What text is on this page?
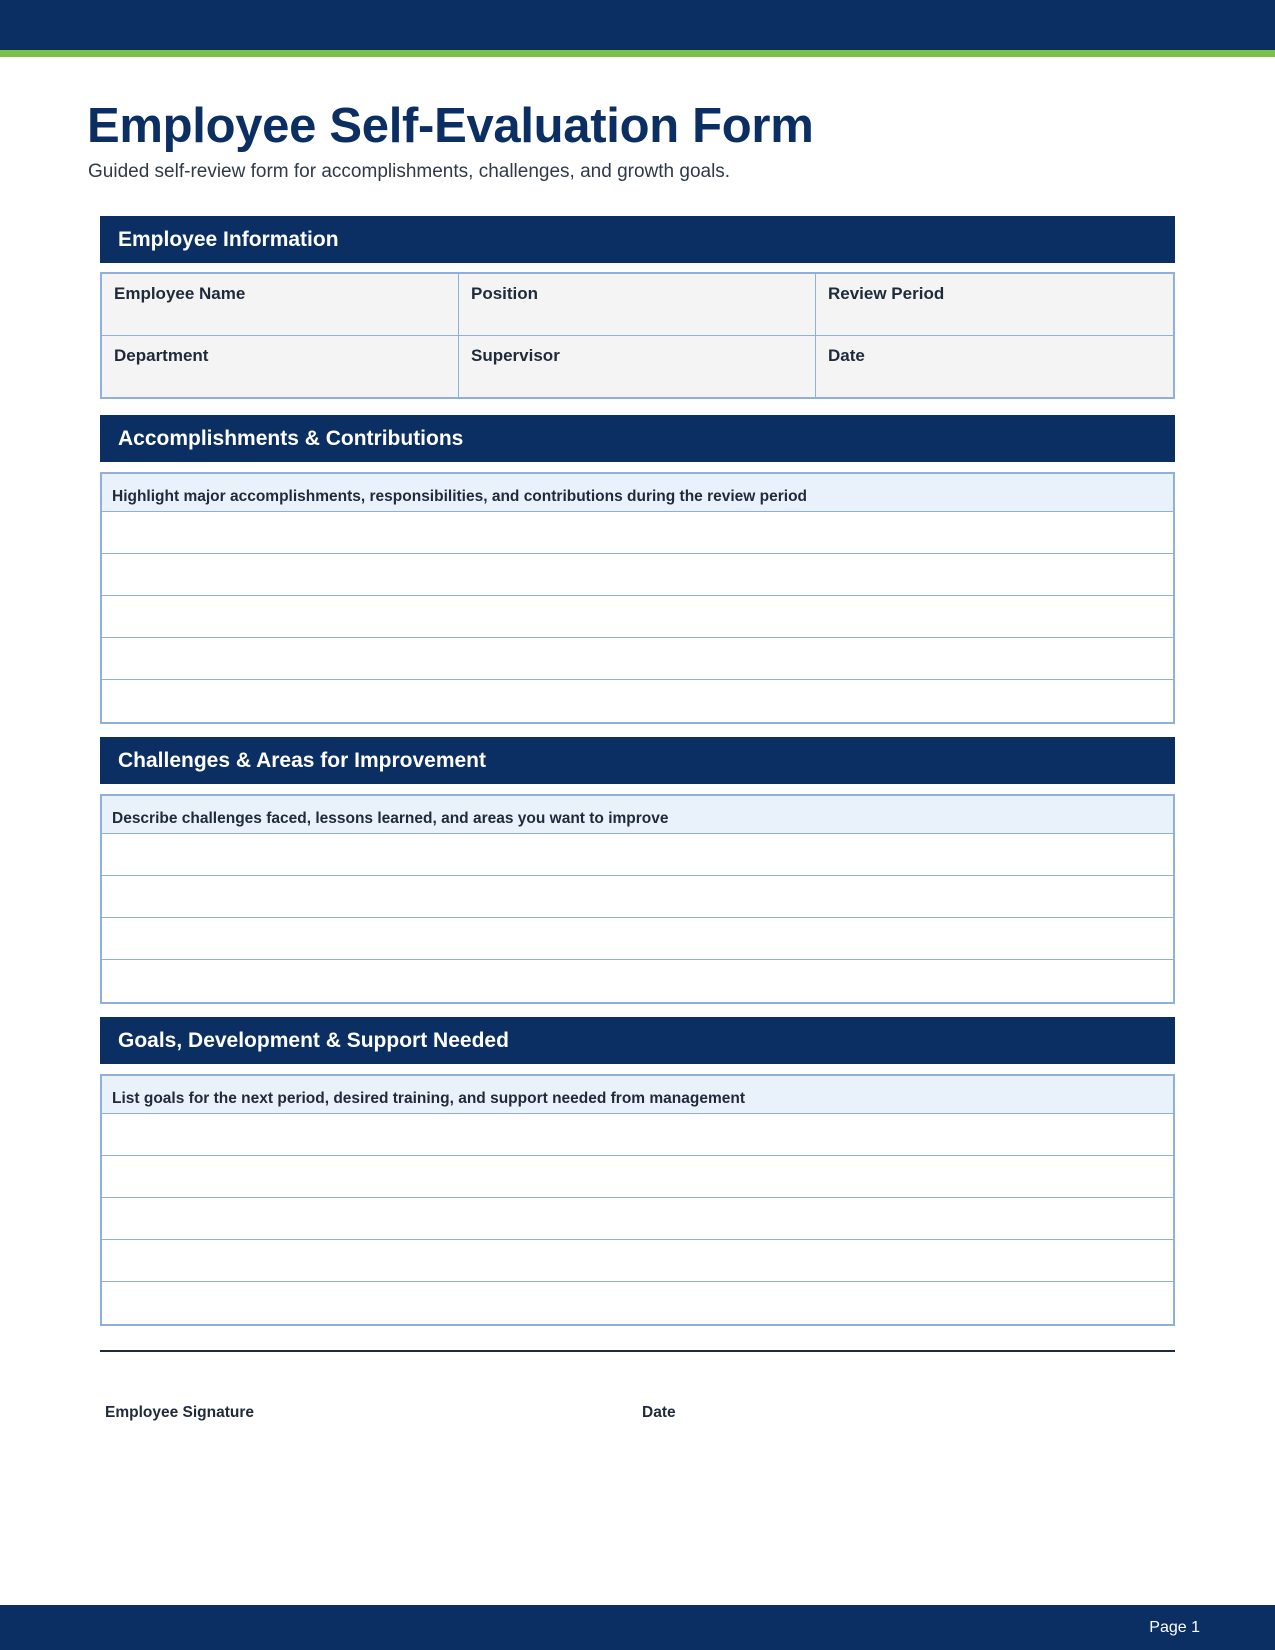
Employee Self-Evaluation Form

Guided self-review form for accomplishments, challenges, and growth goals.

Employee Information
Employee Name	Position	Review Period
Department	Supervisor	Date
Accomplishments & Contributions
Highlight major accomplishments, responsibilities, and contributions during the review period
Challenges & Areas for Improvement
Describe challenges faced, lessons learned, and areas you want to improve
Goals, Development & Support Needed
List goals for the next period, desired training, and support needed from management
Employee Signature	Date
Page 1
